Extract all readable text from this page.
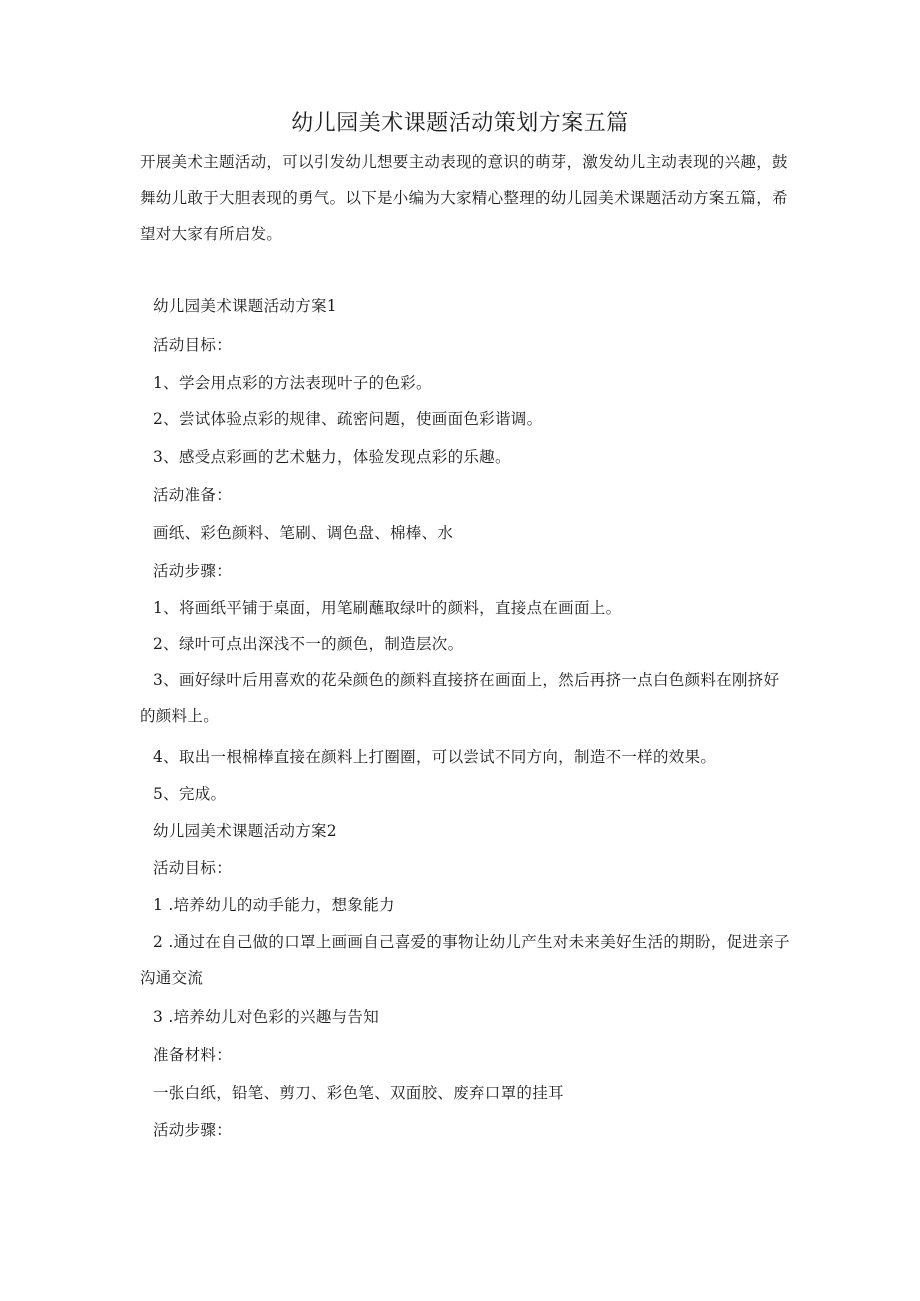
幼儿园美术课题活动策划方案五篇
开展美术主题活动，可以引发幼儿想要主动表现的意识的萌芽，激发幼儿主动表现的兴趣，鼓舞幼儿敢于大胆表现的勇气。以下是小编为大家精心整理的幼儿园美术课题活动方案五篇，希望对大家有所启发。
幼儿园美术课题活动方案1
活动目标：
1、学会用点彩的方法表现叶子的色彩。
2、尝试体验点彩的规律、疏密问题，使画面色彩谐调。
3、感受点彩画的艺术魅力，体验发现点彩的乐趣。
活动准备：
画纸、彩色颜料、笔刷、调色盘、棉棒、水
活动步骤：
1、将画纸平铺于桌面，用笔刷蘸取绿叶的颜料，直接点在画面上。
2、绿叶可点出深浅不一的颜色，制造层次。
3、画好绿叶后用喜欢的花朵颜色的颜料直接挤在画面上，然后再挤一点白色颜料在刚挤好的颜料上。
4、取出一根棉棒直接在颜料上打圈圈，可以尝试不同方向，制造不一样的效果。
5、完成。
幼儿园美术课题活动方案2
活动目标：
1 .培养幼儿的动手能力，想象能力
2 .通过在自己做的口罩上画画自己喜爱的事物让幼儿产生对未来美好生活的期盼，促进亲子沟通交流
3 .培养幼儿对色彩的兴趣与告知
准备材料：
一张白纸，铅笔、剪刀、彩色笔、双面胶、废弃口罩的挂耳
活动步骤：
